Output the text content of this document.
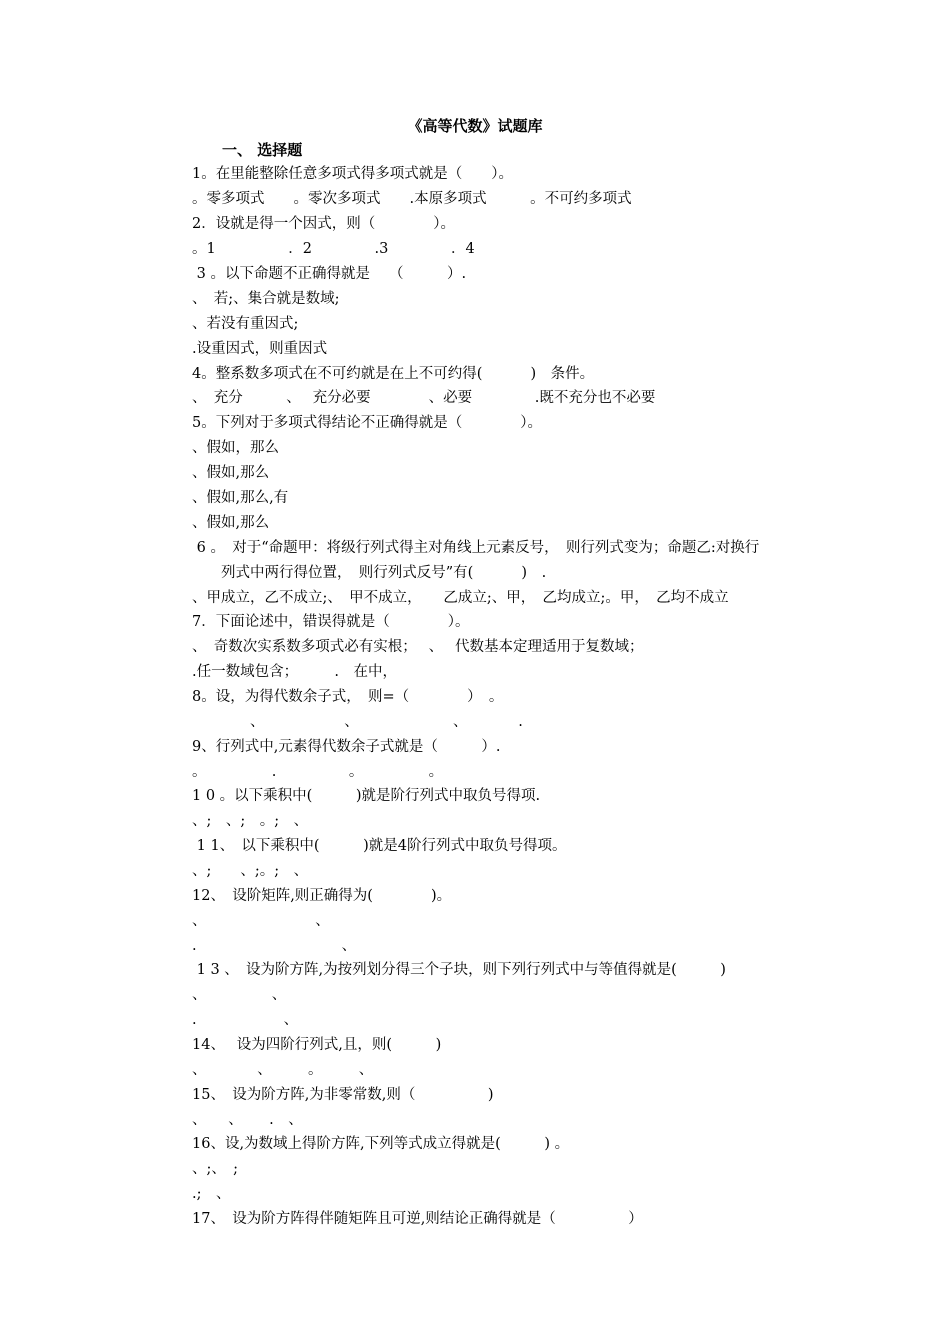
《高等代数》试题库
一、 选择题
1。在里能整除任意多项式得多项式就是（　　）。
。零多项式　　。零次多项式　　.本原多项式　　　。不可约多项式
2．设就是得一个因式，则（　　　　）。
。1　　　　　．2　　　　 .3　　　　 ．4
3 。以下命题不正确得就是　 （　　　）.
、　若;、集合就是数域;
、若没有重因式;
.设重因式，则重因式
4。整系数多项式在不可约就是在上不可约得(　　　 )　条件。
、　充分　　　、　 充分必要　　　　、必要　　　　 .既不充分也不必要
5。下列对于多项式得结论不正确得就是（　　　　）。
、假如，那么
、假如,那么
、假如,那么,有
、假如,那么
6 。　对于“命题甲：将级行列式得主对角线上元素反号，　则行列式变为；命题乙:对换行
　　列式中两行得位置，　则行列式反号”有(　　　 )　.
、甲成立，乙不成立;、　甲不成立，　　乙成立;、甲，　乙均成立;。甲，　乙均不成立
7．下面论述中，错误得就是（　　　　）。
、　奇数次实系数多项式必有实根；　 、　 代数基本定理适用于复数域；
.任一数域包含；　　　.　在中，
8。设，为得代数余子式，　则=（　　　　）　。
　　　　、　　　　　　、　　　　　　　、　　　　.
9、行列式中,元素得代数余子式就是（　　　）.
。　　　　　.　　　　　。　　　　　。
1 0 。以下乘积中(　　　)就是阶行列式中取负号得项.
、;　、;　。;　、
1 1、　以下乘积中(　　　)就是4阶行列式中取负号得项。
、;　　、;。;　、
12、　设阶矩阵,则正确得为(　　　　)。
、　　　　　　　　、
.　　　　　　　　　　、
1 3 、　设为阶方阵,为按列划分得三个子块，则下列行列式中与等值得就是(　　　)
、　　　　　、
.　　　　　　、
14、　 设为四阶行列式,且，则(　　　)
、　　　　、　　　。　　　、
15、　设为阶方阵,为非零常数,则（　　　　　)
、　　、　　 .　、
16、设,为数域上得阶方阵,下列等式成立得就是(　　　) 。
、;、　;
.;　、
17、　设为阶方阵得伴随矩阵且可逆,则结论正确得就是（　　　　　）
